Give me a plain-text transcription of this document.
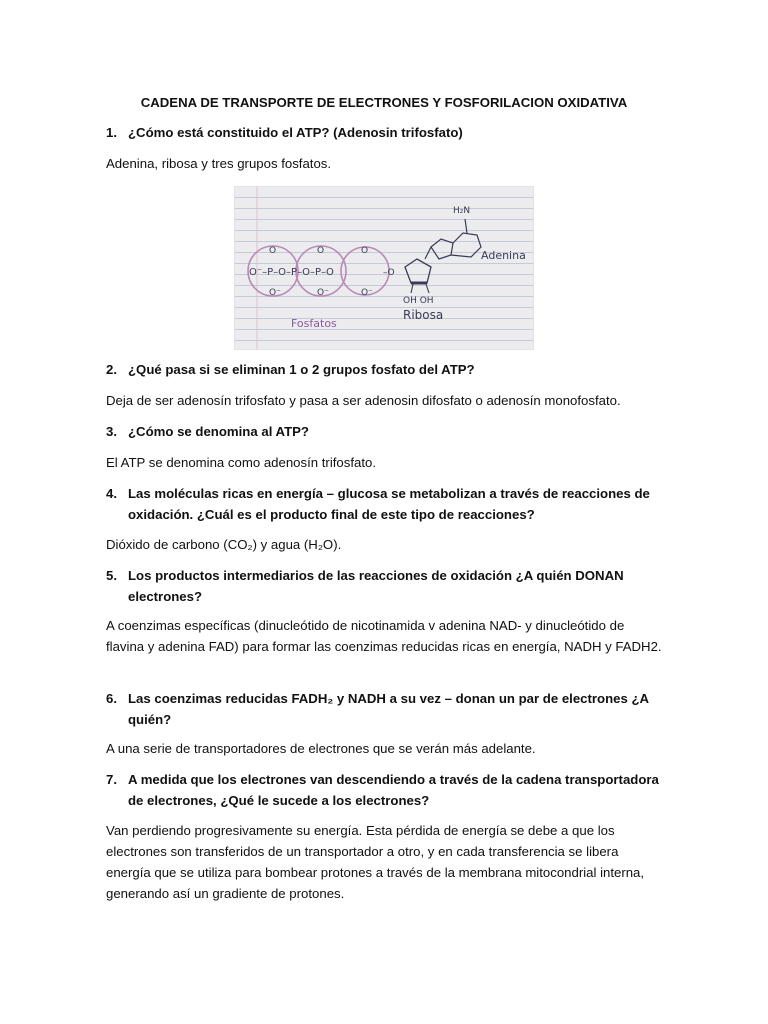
CADENA DE TRANSPORTE DE ELECTRONES Y FOSFORILACION OXIDATIVA
1. ¿Cómo está constituido el ATP? (Adenosin trifosfato)
Adenina, ribosa y tres grupos fosfatos.
O⁻–P–O–P–O–P–O
O
O⁻
O
O⁻
O
O⁻
–O
OH OH
Ribosa
H₂N
Adenina
Fosfatos
2. ¿Qué pasa si se eliminan 1 o 2 grupos fosfato del ATP?
Deja de ser adenosín trifosfato y pasa a ser adenosin difosfato o adenosín monofosfato.
3. ¿Cómo se denomina al ATP?
El ATP se denomina como adenosín trifosfato.
4. Las moléculas ricas en energía – glucosa se metabolizan a través de reacciones de oxidación. ¿Cuál es el producto final de este tipo de reacciones?
Dióxido de carbono (CO₂) y agua (H₂O).
5. Los productos intermediarios de las reacciones de oxidación ¿A quién DONAN electrones?
A coenzimas específicas (dinucleótido de nicotinamida v adenina NAD- y dinucleótido de flavina y adenina FAD) para formar las coenzimas reducidas ricas en energía, NADH y FADH2.
6. Las coenzimas reducidas FADH₂ y NADH a su vez – donan un par de electrones ¿A quién?
A una serie de transportadores de electrones que se verán más adelante.
7. A medida que los electrones van descendiendo a través de la cadena transportadora de electrones, ¿Qué le sucede a los electrones?
Van perdiendo progresivamente su energía. Esta pérdida de energía se debe a que los electrones son transferidos de un transportador a otro, y en cada transferencia se libera energía que se utiliza para bombear protones a través de la membrana mitocondrial interna, generando así un gradiente de protones.
